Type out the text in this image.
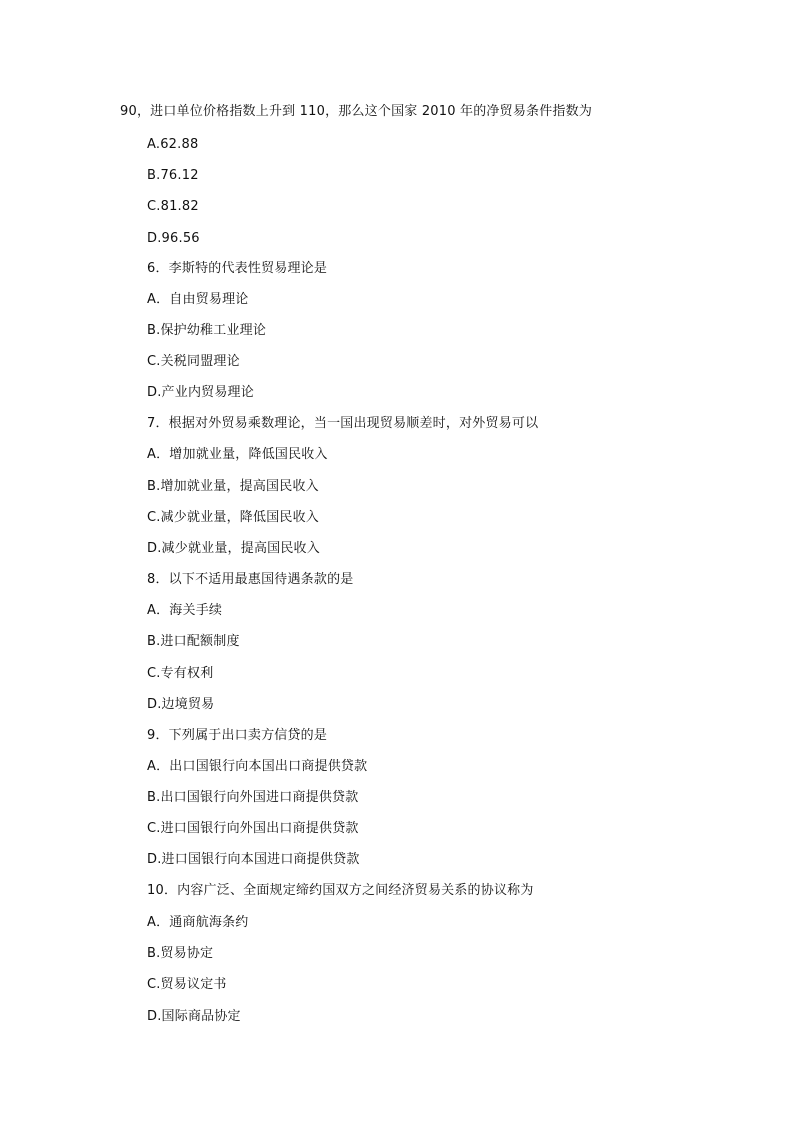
90，进口单位价格指数上升到 110，那么这个国家 2010 年的净贸易条件指数为
A.62.88
B.76.12
C.81.82
D.96.56
6．李斯特的代表性贸易理论是
A．自由贸易理论
B.保护幼稚工业理论
C.关税同盟理论
D.产业内贸易理论
7．根据对外贸易乘数理论，当一国出现贸易顺差时，对外贸易可以
A．增加就业量，降低国民收入
B.增加就业量，提高国民收入
C.减少就业量，降低国民收入
D.减少就业量，提高国民收入
8．以下不适用最惠国待遇条款的是
A．海关手续
B.进口配额制度
C.专有权利
D.边境贸易
9．下列属于出口卖方信贷的是
A．出口国银行向本国出口商提供贷款
B.出口国银行向外国进口商提供贷款
C.进口国银行向外国出口商提供贷款
D.进口国银行向本国进口商提供贷款
10．内容广泛、全面规定缔约国双方之间经济贸易关系的协议称为
A．通商航海条约
B.贸易协定
C.贸易议定书
D.国际商品协定
